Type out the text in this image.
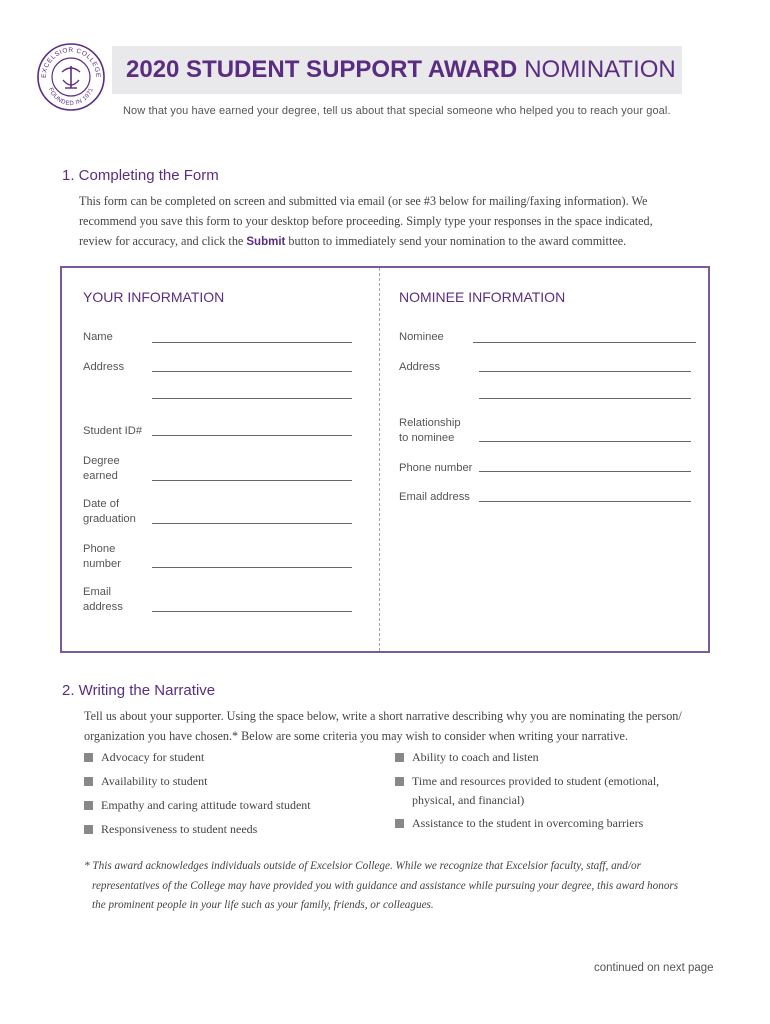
EXCELSIOR COLLEGE
FOUNDED IN 1971
2020 STUDENT SUPPORT AWARD NOMINATION
Now that you have earned your degree, tell us about that special someone who helped you to reach your goal.
1. Completing the Form
This form can be completed on screen and submitted via email (or see #3 below for mailing/faxing information). We
recommend you save this form to your desktop before proceeding. Simply type your responses in the space indicated,
review for accuracy, and click the Submit button to immediately send your nomination to the award committee.
YOUR INFORMATION
Name
Address
Student ID#
Degree
earned
Date of
graduation
Phone
number
Email
address
NOMINEE INFORMATION
Nominee
Address
Relationship
to nominee
Phone number
Email address
2. Writing the Narrative
Tell us about your supporter. Using the space below, write a short narrative describing why you are nominating the person/
organization you have chosen.* Below are some criteria you may wish to consider when writing your narrative.
Advocacy for student
Availability to student
Empathy and caring attitude toward student
Responsiveness to student needs
Ability to coach and listen
Time and resources provided to student (emotional,
physical, and financial)
Assistance to the student in overcoming barriers
* This award acknowledges individuals outside of Excelsior College. While we recognize that Excelsior faculty, staff, and/or
representatives of the College may have provided you with guidance and assistance while pursuing your degree, this award honors
the prominent people in your life such as your family, friends, or colleagues.
continued on next page
